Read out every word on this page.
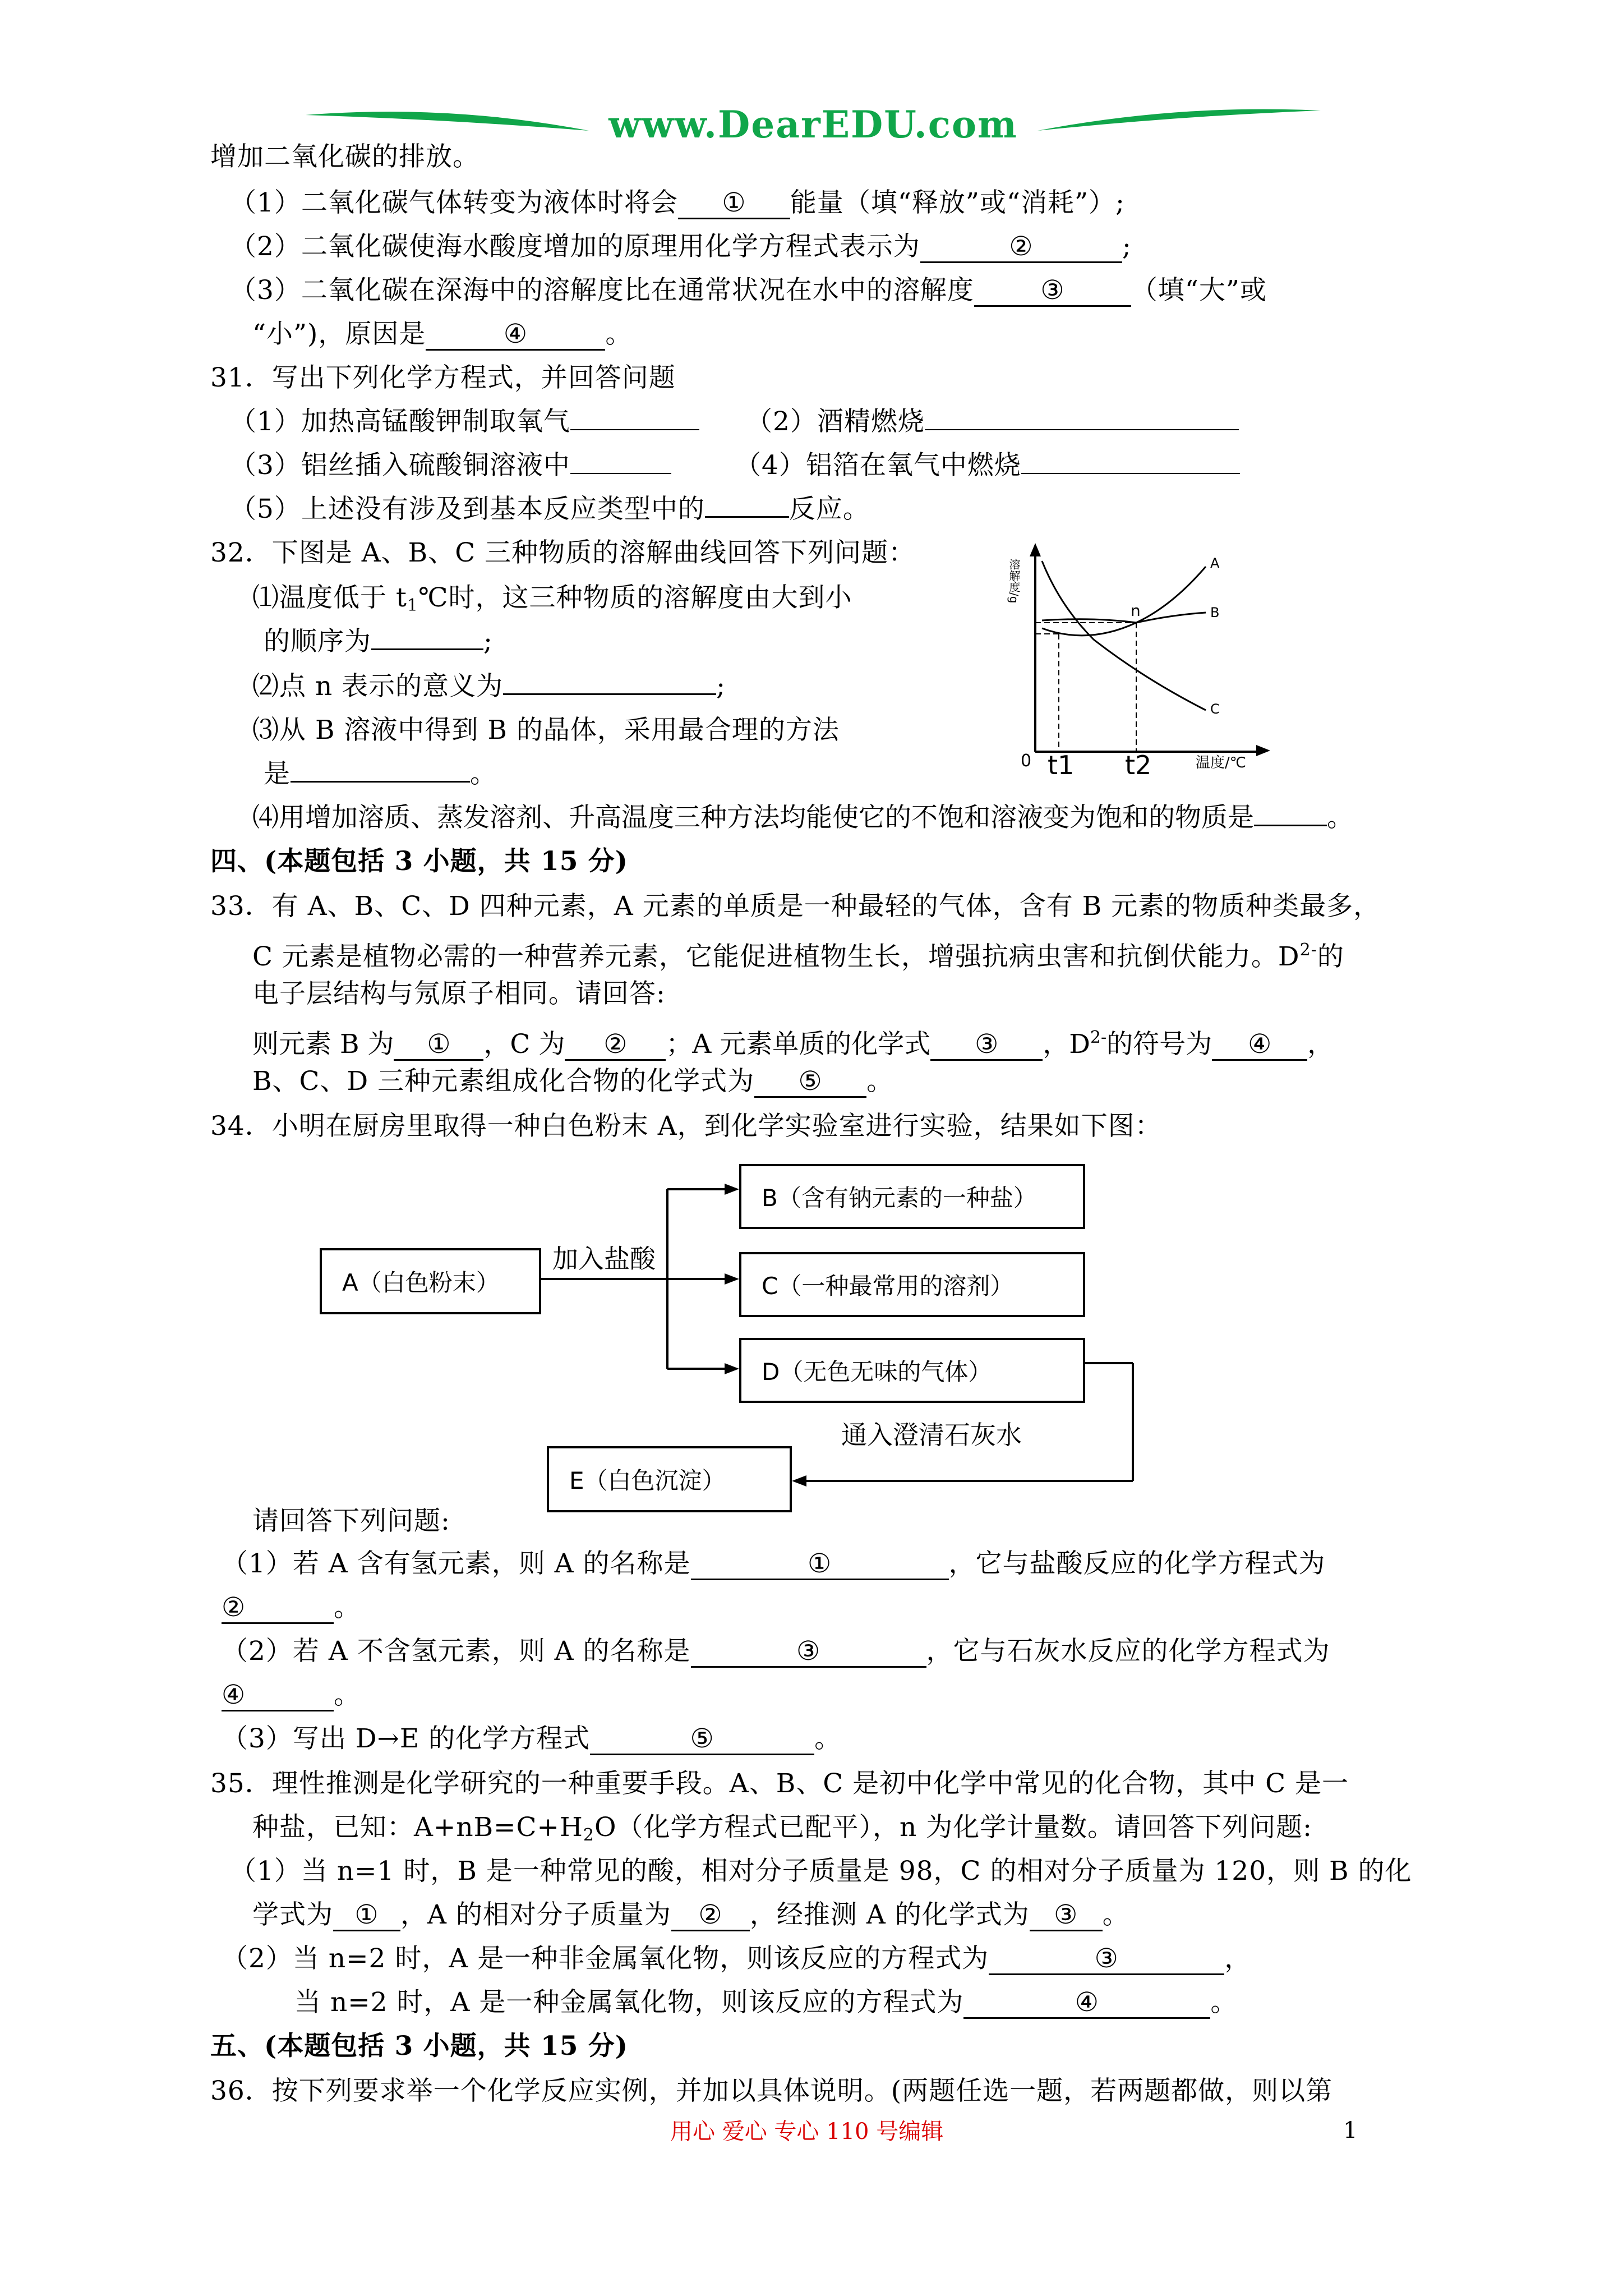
www.DearEDU.com
增加二氧化碳的排放。
（1）二氧化碳气体转变为液体时将会 ① 能量（填“释放”或“消耗”）;
（2）二氧化碳使海水酸度增加的原理用化学方程式表示为	②	;
（3）二氧化碳在深海中的溶解度比在通常状况在水中的溶解度	③	（填“大”或
“小”)，原因是	④	。
31．写出下列化学方程式，并回答问题
（1）加热高锰酸钾制取氧气	（2）酒精燃烧
（3）铝丝插入硫酸铜溶液中	（4）铝箔在氧气中燃烧
（5）上述没有涉及到基本反应类型中的	反应。
32．下图是 A、B、C 三种物质的溶解曲线回答下列问题：
⑴温度低于 $t_1℃$时，这三种物质的溶解度由大到小
的顺序为	;
⑵点 n 表示的意义为	;
⑶从 B 溶液中得到 B 的晶体，采用最合理的方法
是	。
⑷用增加溶质、蒸发溶剂、升高温度三种方法均能使它的不饱和溶液变为饱和的物质是	。
溶解度/g
0	温度/℃
A
B
C
n
t1 t2
四、(本题包括 3 小题，共 15 分)
33．有 A、B、C、D 四种元素，A 元素的单质是一种最轻的气体，含有 B 元素的物质种类最多，
C 元素是植物必需的一种营养元素，它能促进植物生长，增强抗病虫害和抗倒伏能力。$D^{2-}$的
电子层结构与氖原子相同。请回答:
则元素 B 为 ① ，C 为 ② ；A 元素单质的化学式 ③ ，$D^{2-}$的符号为 ④ ，
B、C、D 三种元素组成化合物的化学式为 ⑤ 。
34．小明在厨房里取得一种白色粉末 A，到化学实验室进行实验，结果如下图：
A（白色粉末）
B（含有钠元素的一种盐）
C（一种最常用的溶剂）
D（无色无味的气体）
E（白色沉淀）
加入盐酸
通入澄清石灰水
请回答下列问题:
（1）若 A 含有氢元素，则 A 的名称是	①	，它与盐酸反应的化学方程式为
②	。
（2）若 A 不含氢元素，则 A 的名称是	③	，它与石灰水反应的化学方程式为
④	。
（3）写出 D→E 的化学方程式	⑤	。
35．理性推测是化学研究的一种重要手段。A、B、C 是初中化学中常见的化合物，其中 C 是一
种盐，已知：$A+nB=C+H_2O$（化学方程式已配平），n 为化学计量数。请回答下列问题:
（1）当 n=1 时，B 是一种常见的酸，相对分子质量是 98，C 的相对分子质量为 120，则 B 的化
学式为 ① ，A 的相对分子质量为 ② ，经推测 A 的化学式为 ③ 。
（2）当 n=2 时，A 是一种非金属氧化物，则该反应的方程式为	③	，
当 n=2 时，A 是一种金属氧化物，则该反应的方程式为	④	。
五、(本题包括 3 小题，共 15 分)
36．按下列要求举一个化学反应实例，并加以具体说明。(两题任选一题，若两题都做，则以第
用心 爱心 专心 110 号编辑	1
